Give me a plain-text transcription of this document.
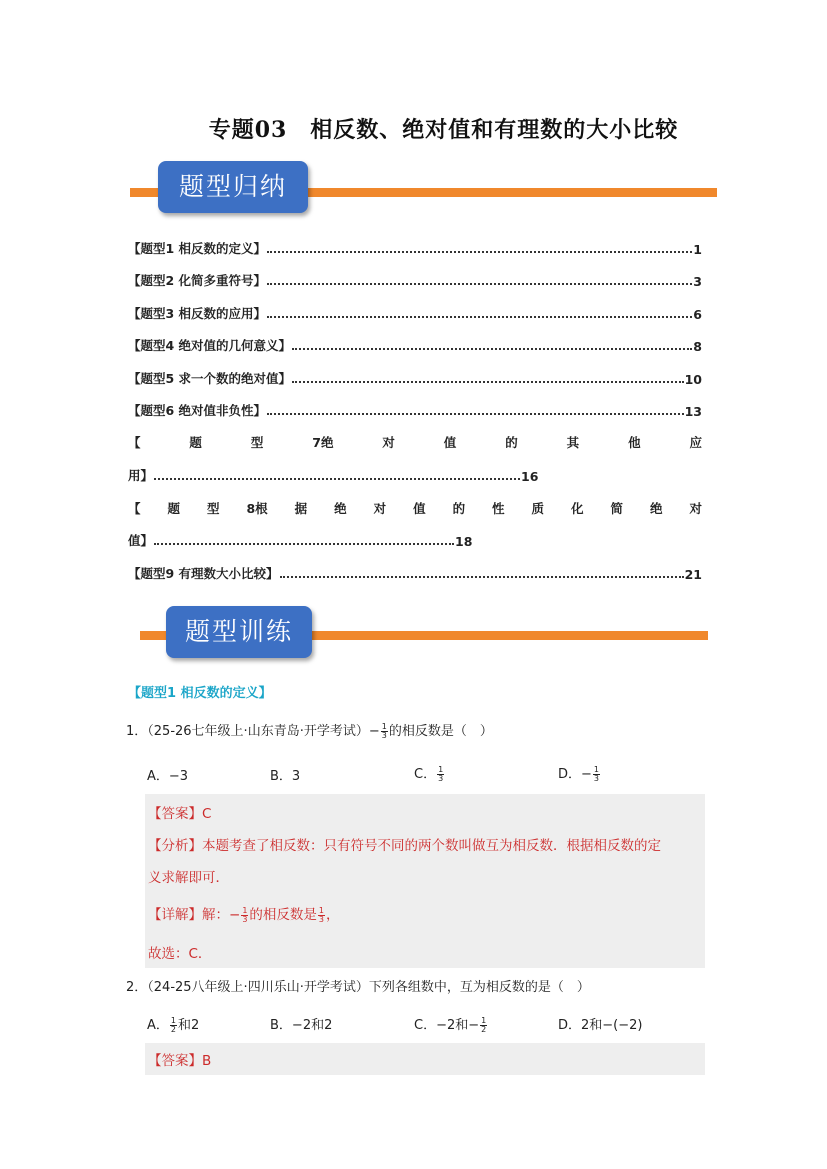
专题03　相反数、绝对值和有理数的大小比较
题型归纳
【题型1 相反数的定义】	1
【题型2 化简多重符号】	3
【题型3 相反数的应用】	6
【题型4 绝对值的几何意义】	8
【题型5 求一个数的绝对值】	10
【题型6 绝对值非负性】	13
【	题	型	7绝	对	值	的	其	他	应
用】	16
【 题 型 8根 据 绝 对 值 的 性 质 化 简 绝 对
值】	18
【题型9 有理数大小比较】	21
题型训练
【题型1 相反数的定义】
1．（25-26七年级上·山东青岛·开学考试）− $\frac{1}{3}$ 的相反数是（　）
A．−3	B．3	C． $\frac{1}{3}$	D．− $\frac{1}{3}$
【答案】C
【分析】本题考查了相反数：只有符号不同的两个数叫做互为相反数．根据相反数的定
义求解即可．
【详解】解：− $\frac{1}{3}$ 的相反数是 $\frac{1}{3}$ ，
故选：C．
2．（24-25八年级上·四川乐山·开学考试）下列各组数中，互为相反数的是（　）
A． $\frac{1}{2}$ 和2	B．−2和2	C．−2和− $\frac{1}{2}$	D．2和−(−2)
【答案】B
